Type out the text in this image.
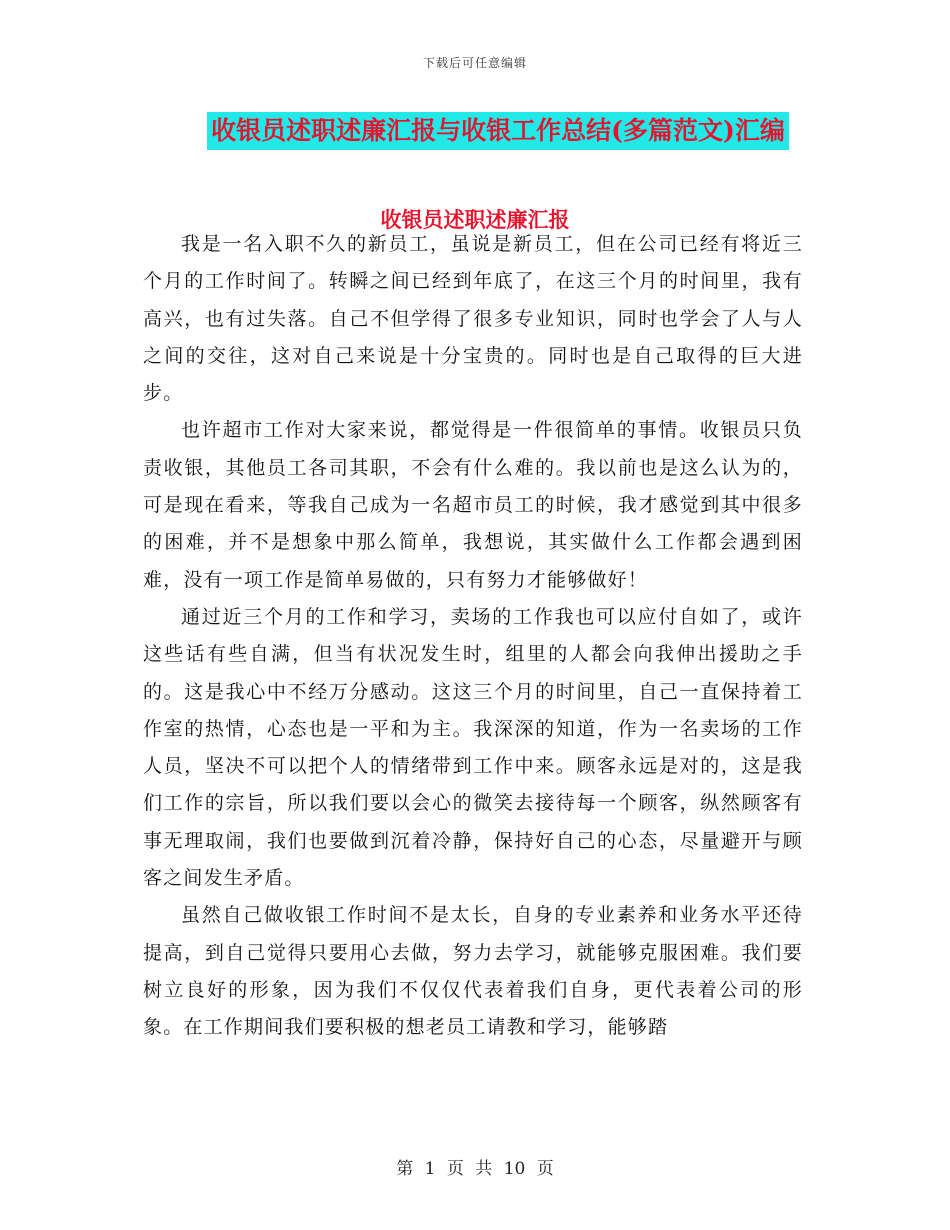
下载后可任意编辑
收银员述职述廉汇报与收银工作总结(多篇范文)汇编
收银员述职述廉汇报

我是一名入职不久的新员工，虽说是新员工，但在公司已经有将近三个月的工作时间了。转瞬之间已经到年底了，在这三个月的时间里，我有高兴，也有过失落。自己不但学得了很多专业知识，同时也学会了人与人之间的交往，这对自己来说是十分宝贵的。同时也是自己取得的巨大进步。

也许超市工作对大家来说，都觉得是一件很简单的事情。收银员只负责收银，其他员工各司其职，不会有什么难的。我以前也是这么认为的，可是现在看来，等我自己成为一名超市员工的时候，我才感觉到其中很多的困难，并不是想象中那么简单，我想说，其实做什么工作都会遇到困难，没有一项工作是简单易做的，只有努力才能够做好！

通过近三个月的工作和学习，卖场的工作我也可以应付自如了，或许这些话有些自满，但当有状况发生时，组里的人都会向我伸出援助之手的。这是我心中不经万分感动。这这三个月的时间里，自己一直保持着工作室的热情，心态也是一平和为主。我深深的知道，作为一名卖场的工作人员，坚决不可以把个人的情绪带到工作中来。顾客永远是对的，这是我们工作的宗旨，所以我们要以会心的微笑去接待每一个顾客，纵然顾客有事无理取闹，我们也要做到沉着冷静，保持好自己的心态，尽量避开与顾客之间发生矛盾。

虽然自己做收银工作时间不是太长，自身的专业素养和业务水平还待提高，到自己觉得只要用心去做，努力去学习，就能够克服困难。我们要树立良好的形象，因为我们不仅仅代表着我们自身，更代表着公司的形象。在工作期间我们要积极的想老员工请教和学习，能够踏

第 1 页 共 10 页
